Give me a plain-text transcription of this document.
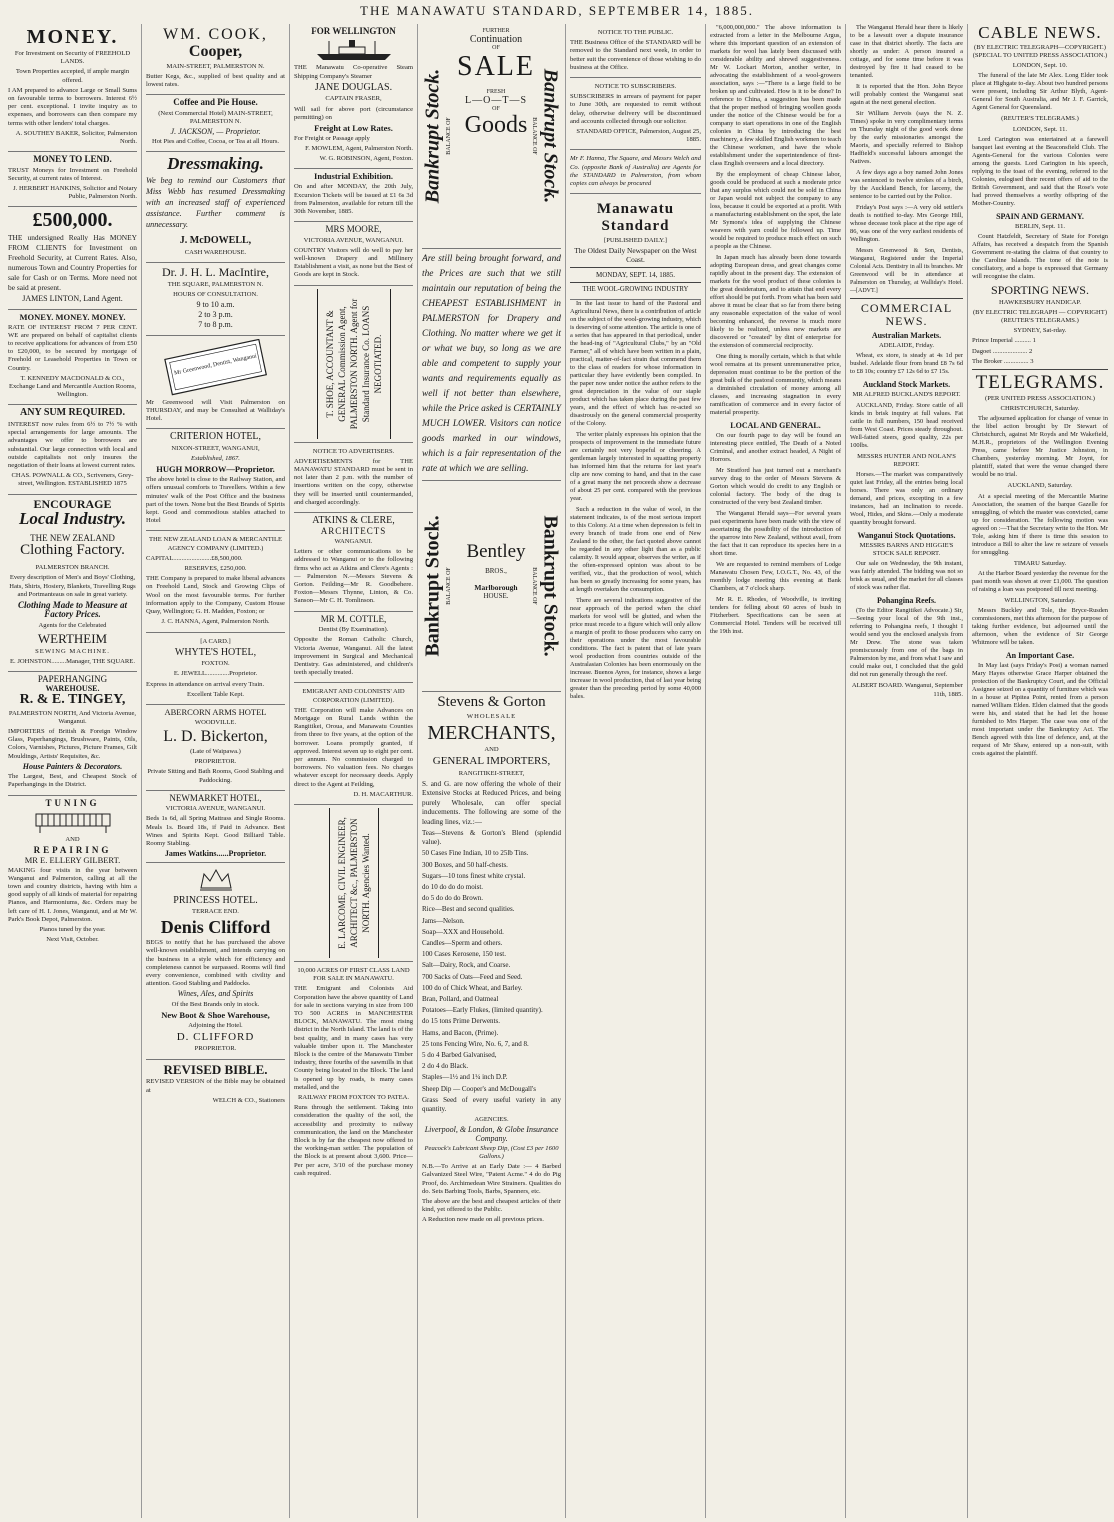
THE MANAWATU STANDARD, SEPTEMBER 14, 1885.
MONEY.
For Investment on Security of FREEHOLD LANDS.
Town Properties accepted, if ample margin offered.
I AM prepared to advance Large or Small Sums on favourable terms to borrowers. Interest 6½ per cent. exceptional. I invite inquiry as to expenses, and borrowers can then compare my terms with other lenders' total charges.
A. SOUTHEY BAKER, Solicitor, Palmerston North.
MONEY TO LEND.
TRUST Moneys for Investment on Freehold Security, at current rates of Interest.
J. HERBERT HANKINS, Solicitor and Notary Public, Palmerston North.
£500,000.
THE undersigned Really Has MONEY FROM CLIENTS for Investment on Freehold Security, at Current Rates. Also, numerous Town and Country Properties for sale for Cash or on Terms. More need not be said at present.
JAMES LINTON, Land Agent.
MONEY. MONEY. MONEY.
RATE OF INTEREST FROM 7 PER CENT. WE are prepared on behalf of capitalist clients to receive applications for advances of from £50 to £20,000, to be secured by mortgage of Freehold or Leasehold Properties in Town or Country.
T. KENNEDY MACDONALD & CO., Exchange Land and Mercantile Auction Rooms, Wellington.
ANY SUM REQUIRED.
INTEREST now rules from 6½ to 7½ % with special arrangements for large amounts. The advantages we offer to borrowers are substantial. Our large connection with local and outside capitalists not only insures the negotiation of their loans at lowest current rates.
CHAS. POWNALL & CO., Scriveners, Grey-street, Wellington. ESTABLISHED 1875
ENCOURAGE
Local Industry.
THE NEW ZEALAND
Clothing Factory.
PALMERSTON BRANCH.
Every description of Men's and Boys' Clothing, Hats, Shirts, Hosiery, Blankets, Travelling Rugs and Portmanteaus on sale in great variety.
Clothing Made to Measure at Factory Prices.
Agents for the Celebrated
WERTHEIM
SEWING MACHINE.
E. JOHNSTON.........Manager, THE SQUARE.
PAPERHANGING
WAREHOUSE.
R. & E. TINGEY,
PALMERSTON NORTH, And Victoria Avenue, Wanganui.
IMPORTERS of British & Foreign Window Glass, Paperhangings, Brushware, Paints, Oils, Colors, Varnishes, Pictures, Picture Frames, Gilt Mouldings, Artists' Requisites, &c.
House Painters & Decorators.
The Largest, Best, and Cheapest Stock of Paperhangings in the District.
TUNING
AND
REPAIRING
MR E. ELLERY GILBERT.
MAKING four visits in the year between Wanganui and Palmerston, calling at all the town and country districts, having with him a good supply of all kinds of material for repairing Pianos, and Harmoniums, &c. Orders may be left care of H. I. Jones, Wanganui, and at Mr W. Park's Book Depot, Palmerston.
Pianos tuned by the year.
Next Visit, October.
WM. COOK,
Cooper,
MAIN-STREET, PALMERSTON N.
Butter Kegs, &c., supplied of best quality and at lowest rates.
Coffee and Pie House.
(Next Commercial Hotel) MAIN-STREET, PALMERSTON N.
J. JACKSON, — Proprietor.
Hot Pies and Coffee, Cocoa, or Tea at all Hours.
Dressmaking.
We beg to remind our Customers that Miss Webb has resumed Dressmaking with an increased staff of experienced assistance. Further comment is unnecessary.
J. McDOWELL,
CASH WAREHOUSE.
Dr. J. H. L. MacIntire,
THE SQUARE, PALMERSTON N.
HOURS OF CONSULTATION.
9 to 10 a.m.
2 to 3 p.m.
7 to 8 p.m.
Mr Greenwood, Dentist, Wanganui
Mr Greenwood will Visit Palmerston on THURSDAY, and may be Consulted at Walliday's Hotel.
CRITERION HOTEL,
NIXON-STREET, WANGANUI,
Established, 1867.
HUGH MORROW—Proprietor.
The above hotel is close to the Railway Station, and offers unusual comforts to Travellers. Within a few minutes' walk of the Post Office and the business part of the town. None but the Best Brands of Spirits kept. Good and commodious stables attached to Hotel
THE NEW ZEALAND LOAN & MERCANTILE AGENCY COMPANY (LIMITED.)
CAPITAL.......................£8,500,000.
RESERVES, £250,000.
THE Company is prepared to make liberal advances on Freehold Land, Stock and Growing Clips of Wool on the most favourable terms. For further information apply to the Company, Custom House Quay, Wellington; G. H. Madden, Foxton; or
J. C. HANNA, Agent, Palmerston North.
[A CARD.]
WHYTE'S HOTEL,
FOXTON.
E. JEWELL..............Proprietor.
Express in attendance on arrival every Train.
Excellent Table Kept.
ABERCORN ARMS HOTEL
WOODVILLE.
L. D. Bickerton,
(Late of Waipawa.)
PROPRIETOR.
Private Sitting and Bath Rooms, Good Stabling and Paddocking.
NEWMARKET HOTEL,
VICTORIA AVENUE, WANGANUI.
Beds 1s 6d, all Spring Mattrass and Single Rooms. Meals 1s. Board 18s, if Paid in Advance. Best Wines and Spirits Kept. Good Billiard Table. Roomy Stabling.
James Watkins......Proprietor.
PRINCESS HOTEL.
TERRACE END.
Denis Clifford
BEGS to notify that he has purchased the above well-known establishment, and intends carrying on the business in a style which for efficiency and completeness cannot be surpassed. Rooms will find every convenience, combined with civility and attention. Good Stabling and Paddocks.
Wines, Ales, and Spirits
Of the Best Brands only in stock.
New Boot & Shoe Warehouse,
Adjoining the Hotel.
D. CLIFFORD
PROPRIETOR.
REVISED BIBLE.
REVISED VERSION of the Bible may be obtained at
WELCH & CO., Stationers
FOR WELLINGTON
THE Manawatu Co-operative Steam Shipping Company's Steamer
JANE DOUGLAS.
CAPTAIN FRASER,
Will sail for above port (circumstance permitting) on
Freight at Low Rates.
For Freight or Passage apply
F. MOWLEM, Agent, Palmerston North.
W. G. ROBINSON, Agent, Foxton.
Industrial Exhibition.
On and after MONDAY, the 20th July, Excursion Tickets will be issued at £1 6s 3d from Palmerston, available for return till the 30th November, 1885.
MRS MOORE,
VICTORIA AVENUE, WANGANUI.
COUNTRY Visitors will do well to pay her well-known Drapery and Millinery Establishment a visit, as none but the Best of Goods are kept in Stock.
T. SHOE, ACCOUNTANT & GENERAL Commission Agent, PALMERSTON NORTH. Agent for Standard Insurance Co. LOANS NEGOTIATED.
NOTICE TO ADVERTISERS.
ADVERTISEMENTS for THE MANAWATU STANDARD must be sent in not later than 2 p.m. with the number of insertions written on the copy, otherwise they will be inserted until countermanded, and charged accordingly.
ATKINS & CLERE,
ARCHITECTS
WANGANUI.
Letters or other communications to be addressed to Wanganui or to the following firms who act as Atkins and Clere's Agents :— Palmerston N.—Messrs Stevens & Gorton. Feilding—Mr R. Goodbehere. Foxton—Messrs Thynne, Linton, & Co. Sanson—Mr C. H. Tomlinson.
MR M. COTTLE,
Dentist (By Examination).
Opposite the Roman Catholic Church, Victoria Avenue, Wanganui. All the latest improvement in Surgical and Mechanical Dentistry. Gas administered, and children's teeth specially treated.
EMIGRANT AND COLONISTS' AID CORPORATION (LIMITED).
THE Corporation will make Advances on Mortgage on Rural Lands within the Rangitikei, Oroua, and Manawatu Counties from three to five years, at the option of the borrower. Loans promptly granted, if approved. Interest seven up to eight per cent. per annum. No commission charged to borrowers. No valuation fees. No charges whatever except for necessary deeds. Apply direct to the Agent at Feilding,
D. H. MACARTHUR.
E. LARCOME, CIVIL ENGINEER, ARCHITECT &c., PALMERSTON NORTH. Agencies Wanted.
10,000 ACRES OF FIRST CLASS LAND FOR SALE IN MANAWATU.
THE Emigrant and Colonists Aid Corporation have the above quantity of Land for sale in sections varying in size from 100 TO 500 ACRES in MANCHESTER BLOCK, MANAWATU. The most rising district in the North Island. The land is of the best quality, and in many cases has very valuable timber upon it. The Manchester Block is the centre of the Manawatu Timber industry, three fourths of the sawmills in that County being located in the Block. The land is opened up by roads, is many cases metalled, and the
RAILWAY FROM FOXTON TO PATEA.
Runs through the settlement. Taking into consideration the quality of the soil, the accessibility and proximity to railway communication, the land on the Manchester Block is by far the cheapest now offered to the working-man settler. The population of the Block is at present about 3,600. Price—Per per acre, 3/10 of the purchase money cash required.
Bankrupt Stock. BALANCE OF
FURTHER
Continuation
OF
SALE
FRESH
L—O—T—S
OF
Goods BALANCE OF Bankrupt Stock.
Are still being brought forward, and the Prices are such that we still maintain our reputation of being the CHEAPEST ESTABLISHMENT in PALMERSTON for Drapery and Clothing. No matter where we get it or what we buy, so long as we are able and competent to supply your wants and requirements equally as well if not better than elsewhere, while the Price asked is CERTAINLY MUCH LOWER. Visitors can notice goods marked in our windows, which is a fair representation of the rate at which we are selling.
Bankrupt Stock. BALANCE OF
Bentley
BROS.,
Marlborough
HOUSE.	BALANCE OF Bankrupt Stock.
Stevens & Gorton
WHOLESALE
MERCHANTS,
AND
GENERAL IMPORTERS,
RANGITIKEI-STREET,
S. and G. are now offering the whole of their Extensive Stocks at Reduced Prices, and being purely Wholesale, can offer special inducements. The following are some of the leading lines, viz.:—
Teas—Stevens & Gorton's Blend (splendid value).
50 Cases Fine Indian, 10 to 25lb Tins.
300 Boxes, and 50 half-chests.
Sugars—10 tons finest white crystal.
do 10 do do do moist.
do 5 do do do Brown.
Rice—Best and second qualities.
Jams—Nelson.
Soap—XXX and Household.
Candles—Sperm and others.
100 Cases Kerosene, 150 test.
Salt—Dairy, Rock, and Coarse.
700 Sacks of Oats—Feed and Seed.
100 do of Chick Wheat, and Barley.
Bran, Pollard, and Oatmeal
Potatoes—Early Flukes, (limited quantity).
do 15 tons Prime Derwents.
Hams, and Bacon, (Prime).
25 tons Fencing Wire, No. 6, 7, and 8.
5 do 4 Barbed Galvanised,
2 do 4 do Black.
Staples—1½ and 1¼ inch D.P.
Sheep Dip — Cooper's and McDougall's
Grass Seed of every useful variety in any quantity.
AGENCIES.
Liverpool, & London, & Globe Insurance Company.
Peacock's Lubricant Sheep Dip, (Cost £3 per 1600 Gallons.)
N.B.—To Arrive at an Early Date :— 4 Barbed Galvanized Steel Wire, "Patent Acme." 4 do do Pig Proof, do. Archimedean Wire Strainers. Qualities do do. Sets Barbing Tools, Barbs, Spanners, etc.
The above are the best and cheapest articles of their kind, yet offered to the Public.
A Reduction now made on all previous prices.
NOTICE TO THE PUBLIC.
THE Business Office of the STANDARD will be removed to the Standard next week, in order to better suit the convenience of those wishing to do business at the Office.
NOTICE TO SUBSCRIBERS.
SUBSCRIBERS in arrears of payment for paper to June 30th, are requested to remit without delay, otherwise delivery will be discontinued and accounts collected through our solicitor.
STANDARD OFFICE, Palmerston, August 25, 1885.
Mr F. Hanna, The Square, and Messrs Welch and Co. (opposite Bank of Australia) are Agents for the STANDARD in Palmerston, from whom copies can always be procured
Manawatu Standard
[PUBLISHED DAILY.]
The Oldest Daily Newspaper on the West Coast.
MONDAY, SEPT. 14, 1885.
THE WOOL-GROWING INDUSTRY

In the last issue to hand of the Pastoral and Agricultural News, there is a contribution of article on the subject of the wool-growing industry, which is deserving of some attention. The article is one of a series that has appeared in that periodical, under the head-ing of "Agricultural Clubs," by an "Old Farmer," all of which have been written in a plain, practical, matter-of-fact strain that commend them to the class of readers for whose information in particular they have evidently been compiled. In the paper now under notice the author refers to the great depreciation in the value of our staple product which has taken place during the past few years, and the effect of which has re-acted so disastrously on the general commercial prosperity of the Colony.

The writer plainly expresses his opinion that the prospects of improvement in the immediate future are certainly not very hopeful or cheering. A gentleman largely interested in squatting property has informed him that the returns for last year's clip are now coming to hand, and that in the case of a great many the net proceeds show a decrease of about 25 per cent. compared with the previous year.

Such a reduction in the value of wool, in the statement indicates, is of the most serious import to this Colony. At a time when depression is felt in every branch of trade from one end of New Zealand to the other, the fact quoted above cannot be regarded in any other light than as a public calamity. It would appear, observes the writer, as if the often-expressed opinion was about to be verified, viz., that the production of wool, which has been so greatly increasing for some years, has at length overtaken the consumption.

There are several indications suggestive of the near approach of the period when the chief markets for wool will be glutted, and when the price must recede to a figure which will only allow a margin of profit to those producers who carry on their operations under the most favourable conditions. The fact is patent that of late years wool production from countries outside of the Australasian Colonies has been enormously on the increase. Buenos Ayres, for instance, shows a large increase in wool production, that of last year being greater than the preceding period by some 40,000 bales.

"6,000,000,000." The above information is extracted from a letter in the Melbourne Argus, where this important question of an extension of markets for wool has lately been discussed with considerable ability and shrewd suggestiveness. Mr W. Lockart Morton, another writer, in advocating the establishment of a wool-growers association, says :—"There is a large field to be broken up and cultivated. How is it to be done? In reference to China, a suggestion has been made that the proper method of bringing woollen goods under the notice of the Chinese would be for a company to start operations in one of the English colonies in China by introducing the best machinery, a few skilled English workmen to teach the Chinese workmen, and have the whole establishment under the superintendence of first-class English overseers and a local directory.

By the employment of cheap Chinese labor, goods could be produced at such a moderate price that any surplus which could not be sold in China or Japan would not subject the company to any loss, because it could be exported at a profit. With a manufacturing establishment on the spot, the late Mr Symons's idea of supplying the Chinese weavers with yarn could be followed up. Time would be required to produce much effect on such a people as the Chinese.

In Japan much has already been done towards adopting European dress, and great changes come rapidly about in the present day. The extension of markets for the wool product of these colonies is the great desideratum, and to attain that end every effort should be put forth. From what has been said above it must be clear that so far from there being any reasonable expectation of the value of wool becoming enhanced, the reverse is much more likely to be realized, unless new markets are discovered or "created" by dint of enterprise for the extension of commercial reciprocity.

One thing is morally certain, which is that while wool remains at its present unremunerative price, depression must continue to be the portion of the great bulk of the pastoral community, which means a diminished circulation of money among all classes, and increasing stagnation in every ramification of commerce and in every factor of material prosperity.

LOCAL AND GENERAL.

On our fourth page to day will be found an interesting piece entitled, The Death of a Noted Criminal, and another extract headed, A Night of Horrors.

Mr Stratford has just turned out a merchant's survey drag to the order of Messrs Stevens & Gorton which would do credit to any English or colonial factory. The body of the drag is constructed of the very best Zealand timber.

The Wanganui Herald says—For several years past experiments have been made with the view of ascertaining the possibility of the introduction of the sparrow into New Zealand, without avail, from the fact that it can reproduce its species here in a short time.

We are requested to remind members of Lodge Manawatu Chosen Few, I.O.G.T., No. 43, of the monthly lodge meeting this evening at Bank Chambers, at 7 o'clock sharp.

Mr R. E. Rhodes, of Woodville, is inviting tenders for felling about 60 acres of bush in Fitzherbert. Specifications can be seen at Commercial Hotel. Tenders will be received till the 19th inst.

The Wanganui Herald hear there is likely to be a lawsuit over a dispute insurance case in that district shortly. The facts are shortly as under: A person insured a cottage, and for some time before it was destroyed by fire it had ceased to be tenanted.

It is reported that the Hon. John Bryce will probably contest the Wanganui seat again at the next general election.

Sir William Jervois (says the N. Z. Times) spoke in very complimentary terms on Thursday night of the good work done by the early missionaries amongst the Maoris, and specially referred to Bishop Hadfield's successful labours amongst the Natives.

A few days ago a boy named John Jones was sentenced to twelve strokes of a birch, by the Auckland Bench, for larceny, the sentence to be carried out by the Police.

Friday's Post says :—A very old settler's death is notified to-day. Mrs George Hill, whose decease took place at the ripe age of 86, was one of the very earliest residents of Wellington.

Messrs Greenwood & Son, Dentists, Wanganui, Registered under the Imperial Colonial Acts. Dentistry in all its branches. Mr Greenwood will be in attendance at Palmerston on Thursday, at Walliday's Hotel.—[ADVT.]

COMMERCIAL NEWS.
Australian Markets.
ADELAIDE, Friday.

Wheat, ex store, is steady at 4s 1d per bushel. Adelaide flour from brand £8 7s 6d to £8 10s; country £7 12s 6d to £7 15s.

Auckland Stock Markets.
MR ALFRED BUCKLAND'S REPORT.

AUCKLAND, Friday. Store cattle of all kinds in brisk inquiry at full values. Fat cattle in full numbers, 150 head received from West Coast. Prices steady throughout. Well-fatted steers, good quality, 22s per 100lbs.

MESSRS HUNTER AND NOLAN'S REPORT.

Horses.—The market was comparatively quiet last Friday, all the entries being local horses. There was only an ordinary demand, and prices, excepting in a few instances, had an inclination to recede. Wool, Hides, and Skins.—Only a moderate quantity brought forward.

Wanganui Stock Quotations.
MESSRS BARNS AND HIGGIE'S STOCK SALE REPORT.

Our sale on Wednesday, the 9th instant, was fairly attended. The bidding was not so brisk as usual, and the market for all classes of stock was rather flat.

Pohangina Reefs.

(To the Editor Rangitikei Advocate.) Sir,—Seeing your local of the 9th inst., referring to Pohangina reefs, I thought I would send you the enclosed analysis from Mr Drew. The stone was taken promiscuously from one of the bags in Palmerston by me, and from what I saw and could make out, I concluded that the gold did not run generally through the reef.

ALBERT BOARD. Wanganui, September 11th, 1885.
CABLE NEWS.
(BY ELECTRIC TELEGRAPH—COPYRIGHT.) (SPECIAL TO UNITED PRESS ASSOCIATION.)
LONDON, Sept. 10.

The funeral of the late Mr Alex. Long Elder took place at Highgate to-day. About two hundred persons were present, including Sir Arthur Blyth, Agent-General for South Australia, and Mr J. F. Garrick, Agent General for Queensland.

(REUTER'S TELEGRAMS.)
LONDON, Sept. 11.

Lord Carington was entertained at a farewell banquet last evening at the Beaconsfield Club. The Agents-General for the various Colonies were among the guests. Lord Carington in his speech, replying to the toast of the evening, referred to the Colonies, eulogised their recent offers of aid to the British Government, and said that the Rose's vote had proved themselves a worthy offspring of the Mother-Country.

SPAIN AND GERMANY.
BERLIN, Sept. 11.

Count Hatzfeldt, Secretary of State for Foreign Affairs, has received a despatch from the Spanish Government re-stating the claims of that country to the Caroline Islands. The tone of the note is conciliatory, and a hope is expressed that Germany will recognise the claim.

SPORTING NEWS.
HAWKESBURY HANDICAP.
(BY ELECTRIC TELEGRAPH — COPYRIGHT) (REUTER'S TELEGRAMS.)
SYDNEY, Sat-rday.
Prince Imperial .......... 1
Dagoet ..................... 2
The Broker ............... 3
TELEGRAMS.
(PER UNITED PRESS ASSOCIATION.)
CHRISTCHURCH, Saturday.

The adjourned application for change of venue in the libel action brought by Dr Stewart of Christchurch, against Mr Royds and Mr Wakefield, M.H.R., proprietors of the Wellington Evening Press, came before Mr Justice Johnston, in Chambers, yesterday morning. Mr Joynt, for plaintiff, stated that were the venue changed there would be no trial.

AUCKLAND, Saturday.

At a special meeting of the Mercantile Marine Association, the seamen of the barque Gazelle for smuggling, of which the master was convicted, came up for consideration. The following motion was agreed on :—That the Secretary write to the Hon. Mr Tole, asking him if there is time this session to introduce a Bill to alter the law re seizure of vessels for smuggling.

TIMARU Saturday.

At the Harbor Board yesterday the revenue for the past month was shown at over £1,000. The question of raising a loan was postponed till next meeting.

WELLINGTON, Saturday.

Messrs Buckley and Tole, the Bryce-Rusden commissioners, met this afternoon for the purpose of taking further evidence, but adjourned until the afternoon, when the evidence of Sir George Whitmore will be taken.

An Important Case.

In May last (says Friday's Post) a woman named Mary Hayes otherwise Grace Harper obtained the protection of the Bankruptcy Court, and the Official Assignee seized on a quantity of furniture which was in a house at Pipitea Point, rented from a person named William Elden. Elden claimed that the goods were his, and stated that he had let the house furnished to Mrs Harper. The case was one of the most important under the Bankruptcy Act. The Bench agreed with this line of defence, and, at the request of Mr Shaw, entered up a non-suit, with costs against the plaintiff.
